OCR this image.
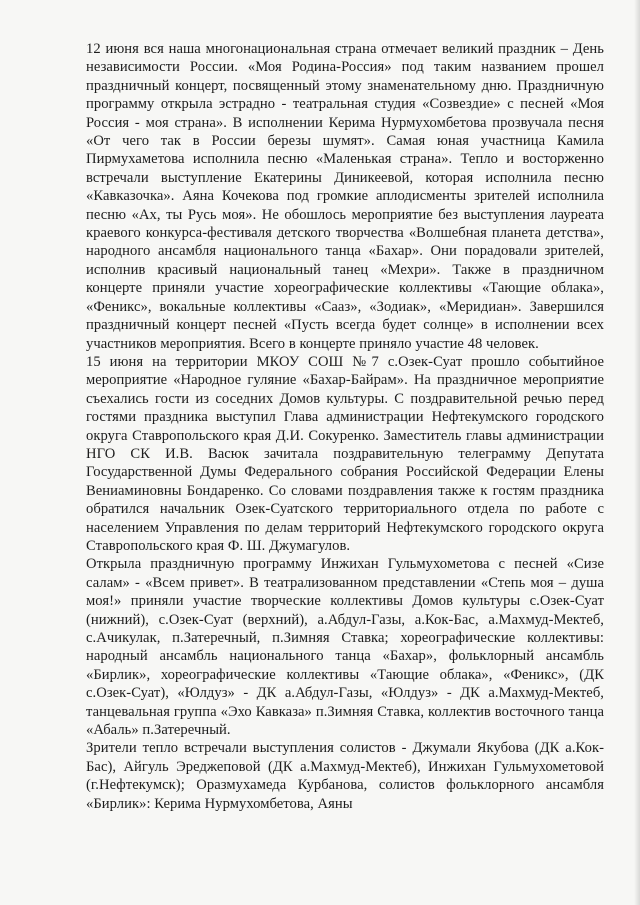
12 июня вся наша многонациональная страна отмечает великий праздник – День независимости России. «Моя Родина-Россия» под таким названием прошел праздничный концерт, посвященный этому знаменательному дню. Праздничную программу открыла эстрадно - театральная студия «Созвездие» с песней «Моя Россия - моя страна». В исполнении Керима Нурмухомбетова прозвучала песня «От чего так в России березы шумят». Самая юная участница Камила Пирмухаметова исполнила песню «Маленькая страна». Тепло и восторженно встречали выступление Екатерины Диникеевой, которая исполнила песню «Кавказочка». Аяна Кочекова под громкие аплодисменты зрителей исполнила песню «Ах, ты Русь моя». Не обошлось мероприятие без выступления лауреата краевого конкурса-фестиваля детского творчества «Волшебная планета детства», народного ансамбля национального танца «Бахар». Они порадовали зрителей, исполнив красивый национальный танец «Мехри». Также в праздничном концерте приняли участие хореографические коллективы «Тающие облака», «Феникс», вокальные коллективы «Сааз», «Зодиак», «Меридиан». Завершился праздничный концерт песней «Пусть всегда будет солнце» в исполнении всех участников мероприятия. Всего в концерте приняло участие 48 человек.

15 июня на территории МКОУ СОШ №7 с.Озек-Суат прошло событийное мероприятие «Народное гуляние «Бахар-Байрам». На праздничное мероприятие съехались гости из соседних Домов культуры. С поздравительной речью перед гостями праздника выступил Глава администрации Нефтекумского городского округа Ставропольского края Д.И. Сокуренко. Заместитель главы администрации НГО СК И.В. Васюк зачитала поздравительную телеграмму Депутата Государственной Думы Федерального собрания Российской Федерации Елены Вениаминовны Бондаренко. Со словами поздравления также к гостям праздника обратился начальник Озек-Суатского территориального отдела по работе с населением Управления по делам территорий Нефтекумского городского округа Ставропольского края Ф. Ш. Джумагулов.

Открыла праздничную программу Инжихан Гульмухометова с песней «Сизе салам» - «Всем привет». В театрализованном представлении «Степь моя – душа моя!» приняли участие творческие коллективы Домов культуры с.Озек-Суат (нижний), с.Озек-Суат (верхний), а.Абдул-Газы, а.Кок-Бас, а.Махмуд-Мектеб, с.Ачикулак, п.Затеречный, п.Зимняя Ставка; хореографические коллективы: народный ансамбль национального танца «Бахар», фольклорный ансамбль «Бирлик», хореографические коллективы «Тающие облака», «Феникс», (ДК с.Озек-Суат), «Юлдуз» - ДК а.Абдул-Газы, «Юлдуз» - ДК а.Махмуд-Мектеб, танцевальная группа «Эхо Кавказа» п.Зимняя Ставка, коллектив восточного танца «Абаль» п.Затеречный.

Зрители тепло встречали выступления солистов - Джумали Якубова (ДК а.Кок-Бас), Айгуль Эреджеповой (ДК а.Махмуд-Мектеб), Инжихан Гульмухометовой (г.Нефтекумск); Оразмухамеда Курбанова, солистов фольклорного ансамбля «Бирлик»: Керима Нурмухомбетова, Аяны
